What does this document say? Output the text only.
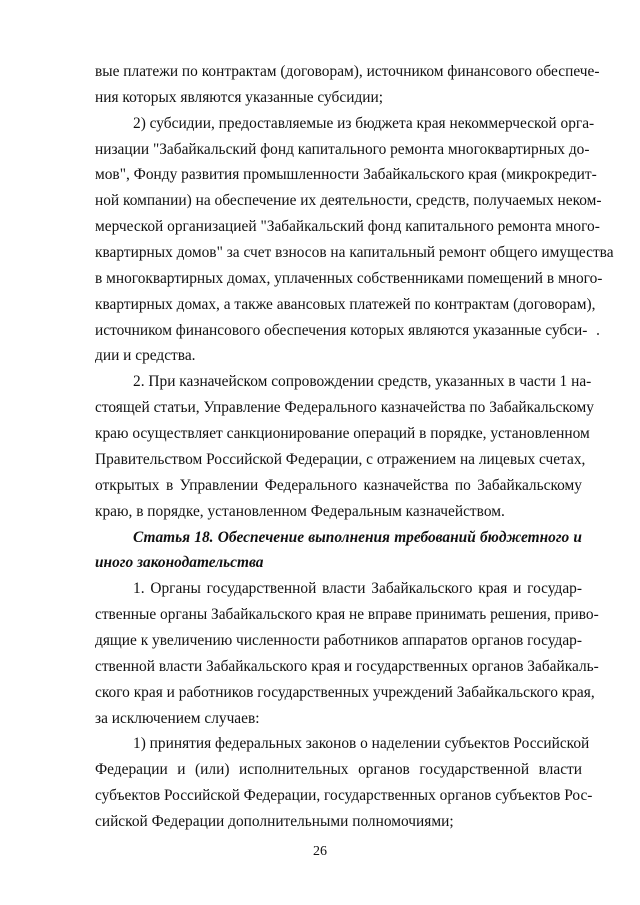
вые платежи по контрактам (договорам), источником финансового обеспече-
ния которых являются указанные субсидии;
2) субсидии, предоставляемые из бюджета края некоммерческой орга-
низации "Забайкальский фонд капитального ремонта многоквартирных до-
мов", Фонду развития промышленности Забайкальского края (микрокредит-
ной компании) на обеспечение их деятельности, средств, получаемых неком-
мерческой организацией "Забайкальский фонд капитального ремонта много-
квартирных домов" за счет взносов на капитальный ремонт общего имущества
в многоквартирных домах, уплаченных собственниками помещений в много-
квартирных домах, а также авансовых платежей по контрактам (договорам),
источником финансового обеспечения которых являются указанные субси-
дии и средства.
2. При казначейском сопровождении средств, указанных в части 1 на-
стоящей статьи, Управление Федерального казначейства по Забайкальскому
краю осуществляет санкционирование операций в порядке, установленном
Правительством Российской Федерации, с отражением на лицевых счетах,
открытых в Управлении Федерального казначейства по Забайкальскому
краю, в порядке, установленном Федеральным казначейством.
Статья 18. Обеспечение выполнения требований бюджетного и
иного законодательства
1. Органы государственной власти Забайкальского края и государ-
ственные органы Забайкальского края не вправе принимать решения, приво-
дящие к увеличению численности работников аппаратов органов государ-
ственной власти Забайкальского края и государственных органов Забайкаль-
ского края и работников государственных учреждений Забайкальского края,
за исключением случаев:
1) принятия федеральных законов о наделении субъектов Российской
Федерации и (или) исполнительных органов государственной власти
субъектов Российской Федерации, государственных органов субъектов Рос-
26
сийской Федерации дополнительными полномочиями;
